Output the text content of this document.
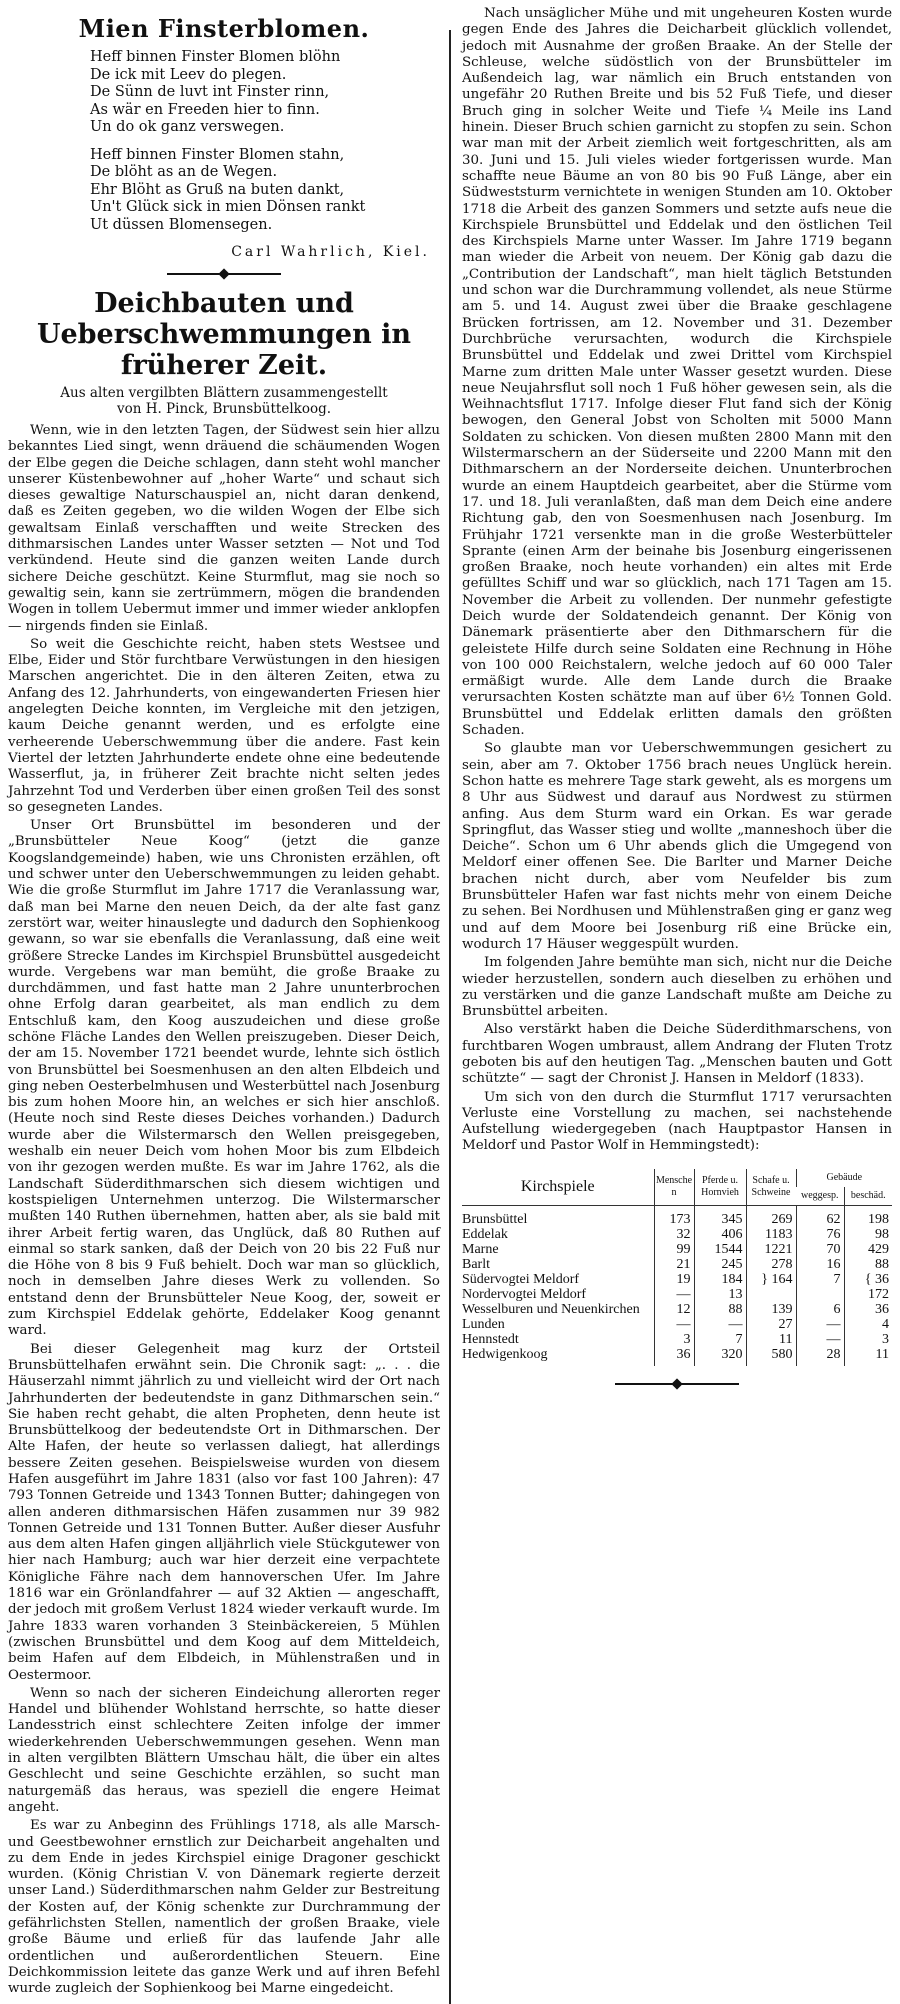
Mien Finsterblomen.
Heff binnen Finster Blomen blöhn
De ick mit Leev do plegen.
De Sünn de luvt int Finster rinn,
As wär en Freeden hier to finn.
Un do ok ganz verswegen.
Heff binnen Finster Blomen stahn,
De blöht as an de Wegen.
Ehr Blöht as Gruß na buten dankt,
Un't Glück sick in mien Dönsen rankt
Ut düssen Blomensegen.
Carl Wahrlich, Kiel.
Deichbauten und Ueberschwemmungen in früherer Zeit.
Aus alten vergilbten Blättern zusammengestellt
von H. Pinck, Brunsbüttelkoog.

Wenn, wie in den letzten Tagen, der Südwest sein hier allzu bekanntes Lied singt, wenn dräuend die schäumenden Wogen der Elbe gegen die Deiche schlagen, dann steht wohl mancher unserer Küstenbewohner auf „hoher Warte“ und schaut sich dieses gewaltige Naturschauspiel an, nicht daran denkend, daß es Zeiten gegeben, wo die wilden Wogen der Elbe sich gewaltsam Einlaß verschafften und weite Strecken des dithmarsischen Landes unter Wasser setzten — Not und Tod verkündend. Heute sind die ganzen weiten Lande durch sichere Deiche geschützt. Keine Sturmflut, mag sie noch so gewaltig sein, kann sie zertrümmern, mögen die brandenden Wogen in tollem Uebermut immer und immer wieder anklopfen — nirgends finden sie Einlaß.

So weit die Geschichte reicht, haben stets Westsee und Elbe, Eider und Stör furchtbare Verwüstungen in den hiesigen Marschen angerichtet. Die in den älteren Zeiten, etwa zu Anfang des 12. Jahrhunderts, von eingewanderten Friesen hier angelegten Deiche konnten, im Vergleiche mit den jetzigen, kaum Deiche genannt werden, und es erfolgte eine verheerende Ueberschwemmung über die andere. Fast kein Viertel der letzten Jahrhunderte endete ohne eine bedeutende Wasserflut, ja, in früherer Zeit brachte nicht selten jedes Jahrzehnt Tod und Verderben über einen großen Teil des sonst so gesegneten Landes.

Unser Ort Brunsbüttel im besonderen und der „Brunsbütteler Neue Koog“ (jetzt die ganze Koogslandgemeinde) haben, wie uns Chronisten erzählen, oft und schwer unter den Ueberschwemmungen zu leiden gehabt. Wie die große Sturmflut im Jahre 1717 die Veranlassung war, daß man bei Marne den neuen Deich, da der alte fast ganz zerstört war, weiter hinauslegte und dadurch den Sophienkoog gewann, so war sie ebenfalls die Veranlassung, daß eine weit größere Strecke Landes im Kirchspiel Brunsbüttel ausgedeicht wurde. Vergebens war man bemüht, die große Braake zu durchdämmen, und fast hatte man 2 Jahre ununterbrochen ohne Erfolg daran gearbeitet, als man endlich zu dem Entschluß kam, den Koog auszudeichen und diese große schöne Fläche Landes den Wellen preiszugeben. Dieser Deich, der am 15. November 1721 beendet wurde, lehnte sich östlich von Brunsbüttel bei Soesmenhusen an den alten Elbdeich und ging neben Oesterbelmhusen und Westerbüttel nach Josenburg bis zum hohen Moore hin, an welches er sich hier anschloß. (Heute noch sind Reste dieses Deiches vorhanden.) Dadurch wurde aber die Wilstermarsch den Wellen preisgegeben, weshalb ein neuer Deich vom hohen Moor bis zum Elbdeich von ihr gezogen werden mußte. Es war im Jahre 1762, als die Landschaft Süderdithmarschen sich diesem wichtigen und kostspieligen Unternehmen unterzog. Die Wilstermarscher mußten 140 Ruthen übernehmen, hatten aber, als sie bald mit ihrer Arbeit fertig waren, das Unglück, daß 80 Ruthen auf einmal so stark sanken, daß der Deich von 20 bis 22 Fuß nur die Höhe von 8 bis 9 Fuß behielt. Doch war man so glücklich, noch in demselben Jahre dieses Werk zu vollenden. So entstand denn der Brunsbütteler Neue Koog, der, soweit er zum Kirchspiel Eddelak gehörte, Eddelaker Koog genannt ward.

Bei dieser Gelegenheit mag kurz der Ortsteil Brunsbüttelhafen erwähnt sein. Die Chronik sagt: „. . . die Häuserzahl nimmt jährlich zu und vielleicht wird der Ort nach Jahrhunderten der bedeutendste in ganz Dithmarschen sein.“ Sie haben recht gehabt, die alten Propheten, denn heute ist Brunsbüttelkoog der bedeutendste Ort in Dithmarschen. Der Alte Hafen, der heute so verlassen daliegt, hat allerdings bessere Zeiten gesehen. Beispielsweise wurden von diesem Hafen ausgeführt im Jahre 1831 (also vor fast 100 Jahren): 47 793 Tonnen Getreide und 1343 Tonnen Butter; dahingegen von allen anderen dithmarsischen Häfen zusammen nur 39 982 Tonnen Getreide und 131 Tonnen Butter. Außer dieser Ausfuhr aus dem alten Hafen gingen alljährlich viele Stückgutewer von hier nach Hamburg; auch war hier derzeit eine verpachtete Königliche Fähre nach dem hannoverschen Ufer. Im Jahre 1816 war ein Grönlandfahrer — auf 32 Aktien — angeschafft, der jedoch mit großem Verlust 1824 wieder verkauft wurde. Im Jahre 1833 waren vorhanden 3 Steinbäckereien, 5 Mühlen (zwischen Brunsbüttel und dem Koog auf dem Mitteldeich, beim Hafen auf dem Elbdeich, in Mühlenstraßen und in Oestermoor.

Wenn so nach der sicheren Eindeichung allerorten reger Handel und blühender Wohlstand herrschte, so hatte dieser Landesstrich einst schlechtere Zeiten infolge der immer wiederkehrenden Ueberschwemmungen gesehen. Wenn man in alten vergilbten Blättern Umschau hält, die über ein altes Geschlecht und seine Geschichte erzählen, so sucht man naturgemäß das heraus, was speziell die engere Heimat angeht.

Es war zu Anbeginn des Frühlings 1718, als alle Marsch- und Geestbewohner ernstlich zur Deicharbeit angehalten und zu dem Ende in jedes Kirchspiel einige Dragoner geschickt wurden. (König Christian V. von Dänemark regierte derzeit unser Land.) Süderdithmarschen nahm Gelder zur Bestreitung der Kosten auf, der König schenkte zur Durchrammung der gefährlichsten Stellen, namentlich der großen Braake, viele große Bäume und erließ für das laufende Jahr alle ordentlichen und außerordentlichen Steuern. Eine Deichkommission leitete das ganze Werk und auf ihren Befehl wurde zugleich der Sophienkoog bei Marne eingedeicht.

Nach unsäglicher Mühe und mit ungeheuren Kosten wurde gegen Ende des Jahres die Deicharbeit glücklich vollendet, jedoch mit Ausnahme der großen Braake. An der Stelle der Schleuse, welche südöstlich von der Brunsbütteler im Außendeich lag, war nämlich ein Bruch entstanden von ungefähr 20 Ruthen Breite und bis 52 Fuß Tiefe, und dieser Bruch ging in solcher Weite und Tiefe ¼ Meile ins Land hinein. Dieser Bruch schien garnicht zu stopfen zu sein. Schon war man mit der Arbeit ziemlich weit fortgeschritten, als am 30. Juni und 15. Juli vieles wieder fortgerissen wurde. Man schaffte neue Bäume an von 80 bis 90 Fuß Länge, aber ein Südweststurm vernichtete in wenigen Stunden am 10. Oktober 1718 die Arbeit des ganzen Sommers und setzte aufs neue die Kirchspiele Brunsbüttel und Eddelak und den östlichen Teil des Kirchspiels Marne unter Wasser. Im Jahre 1719 begann man wieder die Arbeit von neuem. Der König gab dazu die „Contribution der Landschaft“, man hielt täglich Betstunden und schon war die Durchrammung vollendet, als neue Stürme am 5. und 14. August zwei über die Braake geschlagene Brücken fortrissen, am 12. November und 31. Dezember Durchbrüche verursachten, wodurch die Kirchspiele Brunsbüttel und Eddelak und zwei Drittel vom Kirchspiel Marne zum dritten Male unter Wasser gesetzt wurden. Diese neue Neujahrsflut soll noch 1 Fuß höher gewesen sein, als die Weihnachtsflut 1717. Infolge dieser Flut fand sich der König bewogen, den General Jobst von Scholten mit 5000 Mann Soldaten zu schicken. Von diesen mußten 2800 Mann mit den Wilstermarschern an der Süderseite und 2200 Mann mit den Dithmarschern an der Norderseite deichen. Ununterbrochen wurde an einem Hauptdeich gearbeitet, aber die Stürme vom 17. und 18. Juli veranlaßten, daß man dem Deich eine andere Richtung gab, den von Soesmenhusen nach Josenburg. Im Frühjahr 1721 versenkte man in die große Westerbütteler Sprante (einen Arm der beinahe bis Josenburg eingerissenen großen Braake, noch heute vorhanden) ein altes mit Erde gefülltes Schiff und war so glücklich, nach 171 Tagen am 15. November die Arbeit zu vollenden. Der nunmehr gefestigte Deich wurde der Soldatendeich genannt. Der König von Dänemark präsentierte aber den Dithmarschern für die geleistete Hilfe durch seine Soldaten eine Rechnung in Höhe von 100 000 Reichstalern, welche jedoch auf 60 000 Taler ermäßigt wurde. Alle dem Lande durch die Braake verursachten Kosten schätzte man auf über 6½ Tonnen Gold. Brunsbüttel und Eddelak erlitten damals den größten Schaden.

So glaubte man vor Ueberschwemmungen gesichert zu sein, aber am 7. Oktober 1756 brach neues Unglück herein. Schon hatte es mehrere Tage stark geweht, als es morgens um 8 Uhr aus Südwest und darauf aus Nordwest zu stürmen anfing. Aus dem Sturm ward ein Orkan. Es war gerade Springflut, das Wasser stieg und wollte „manneshoch über die Deiche“. Schon um 6 Uhr abends glich die Umgegend von Meldorf einer offenen See. Die Barlter und Marner Deiche brachen nicht durch, aber vom Neufelder bis zum Brunsbütteler Hafen war fast nichts mehr von einem Deiche zu sehen. Bei Nordhusen und Mühlenstraßen ging er ganz weg und auf dem Moore bei Josenburg riß eine Brücke ein, wodurch 17 Häuser weggespült wurden.

Im folgenden Jahre bemühte man sich, nicht nur die Deiche wieder herzustellen, sondern auch dieselben zu erhöhen und zu verstärken und die ganze Landschaft mußte am Deiche zu Brunsbüttel arbeiten.

Also verstärkt haben die Deiche Süderdithmarschens, von furchtbaren Wogen umbraust, allem Andrang der Fluten Trotz geboten bis auf den heutigen Tag. „Menschen bauten und Gott schützte“ — sagt der Chronist J. Hansen in Meldorf (1833).

Um sich von den durch die Sturmflut 1717 verursachten Verluste eine Vorstellung zu machen, sei nachstehende Aufstellung wiedergegeben (nach Hauptpastor Hansen in Meldorf und Pastor Wolf in Hemmingstedt):

Kirchspiele	Menschen	Pferde u. Hornvieh	Schafe u. Schweine	Gebäude	
				weggesp.	beschäd.
Brunsbüttel	173	345	269	62	198
Eddelak	32	406	1183	76	98
Marne	99	1544	1221	70	429
Barlt	21	245	278	16	88
Südervogtei Meldorf	19	184	} 164	7	{ 36
Nordervogtei Meldorf	—	13			172
Wesselburen und Neuenkirchen	12	88	139	6	36
Lunden	—	—	27	—	4
Hennstedt	3	7	11	—	3
Hedwigenkoog	36	320	580	28	11
